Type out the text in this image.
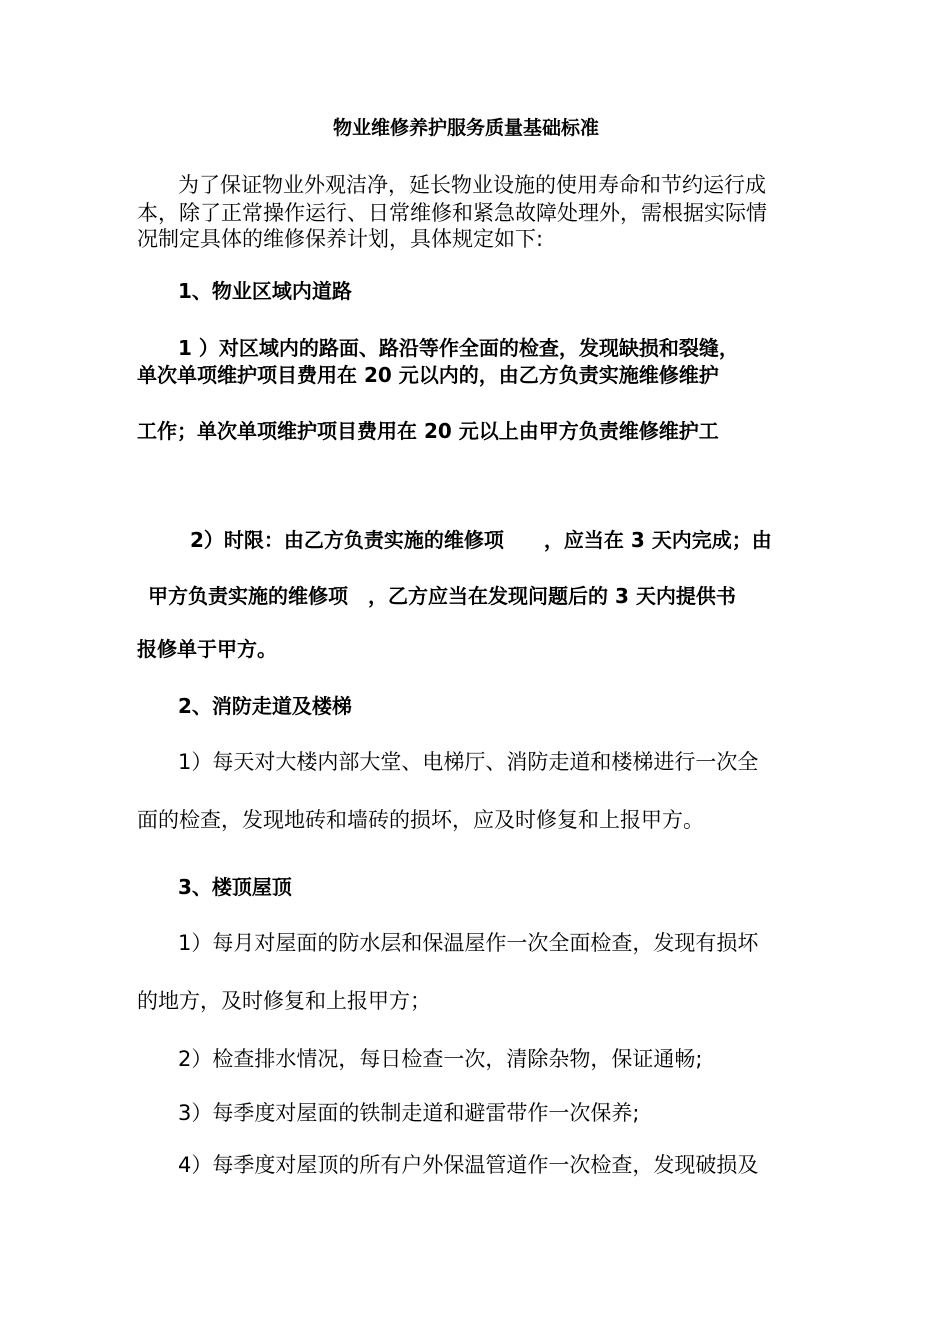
物业维修养护服务质量基础标准
为了保证物业外观洁净，延长物业设施的使用寿命和节约运行成
本，除了正常操作运行、日常维修和紧急故障处理外，需根据实际情
况制定具体的维修保养计划，具体规定如下:
1、物业区域内道路
1 ）对区域内的路面、路沿等作全面的检查，发现缺损和裂缝，
单次单项维护项目费用在 20 元以内的，由乙方负责实施维修维护
工作；单次单项维护项目费用在 20 元以上由甲方负责维修维护工
2）时限：由乙方负责实施的维修项　　，应当在 3 天内完成；由
甲方负责实施的维修项　，乙方应当在发现问题后的 3 天内提供书
报修单于甲方。
2、消防走道及楼梯
1）每天对大楼内部大堂、电梯厅、消防走道和楼梯进行一次全
面的检查，发现地砖和墙砖的损坏，应及时修复和上报甲方。
3、楼顶屋顶
1）每月对屋面的防水层和保温屋作一次全面检查，发现有损坏
的地方，及时修复和上报甲方；
2）检查排水情况，每日检查一次，清除杂物，保证通畅;
3）每季度对屋面的铁制走道和避雷带作一次保养;
4）每季度对屋顶的所有户外保温管道作一次检查，发现破损及
